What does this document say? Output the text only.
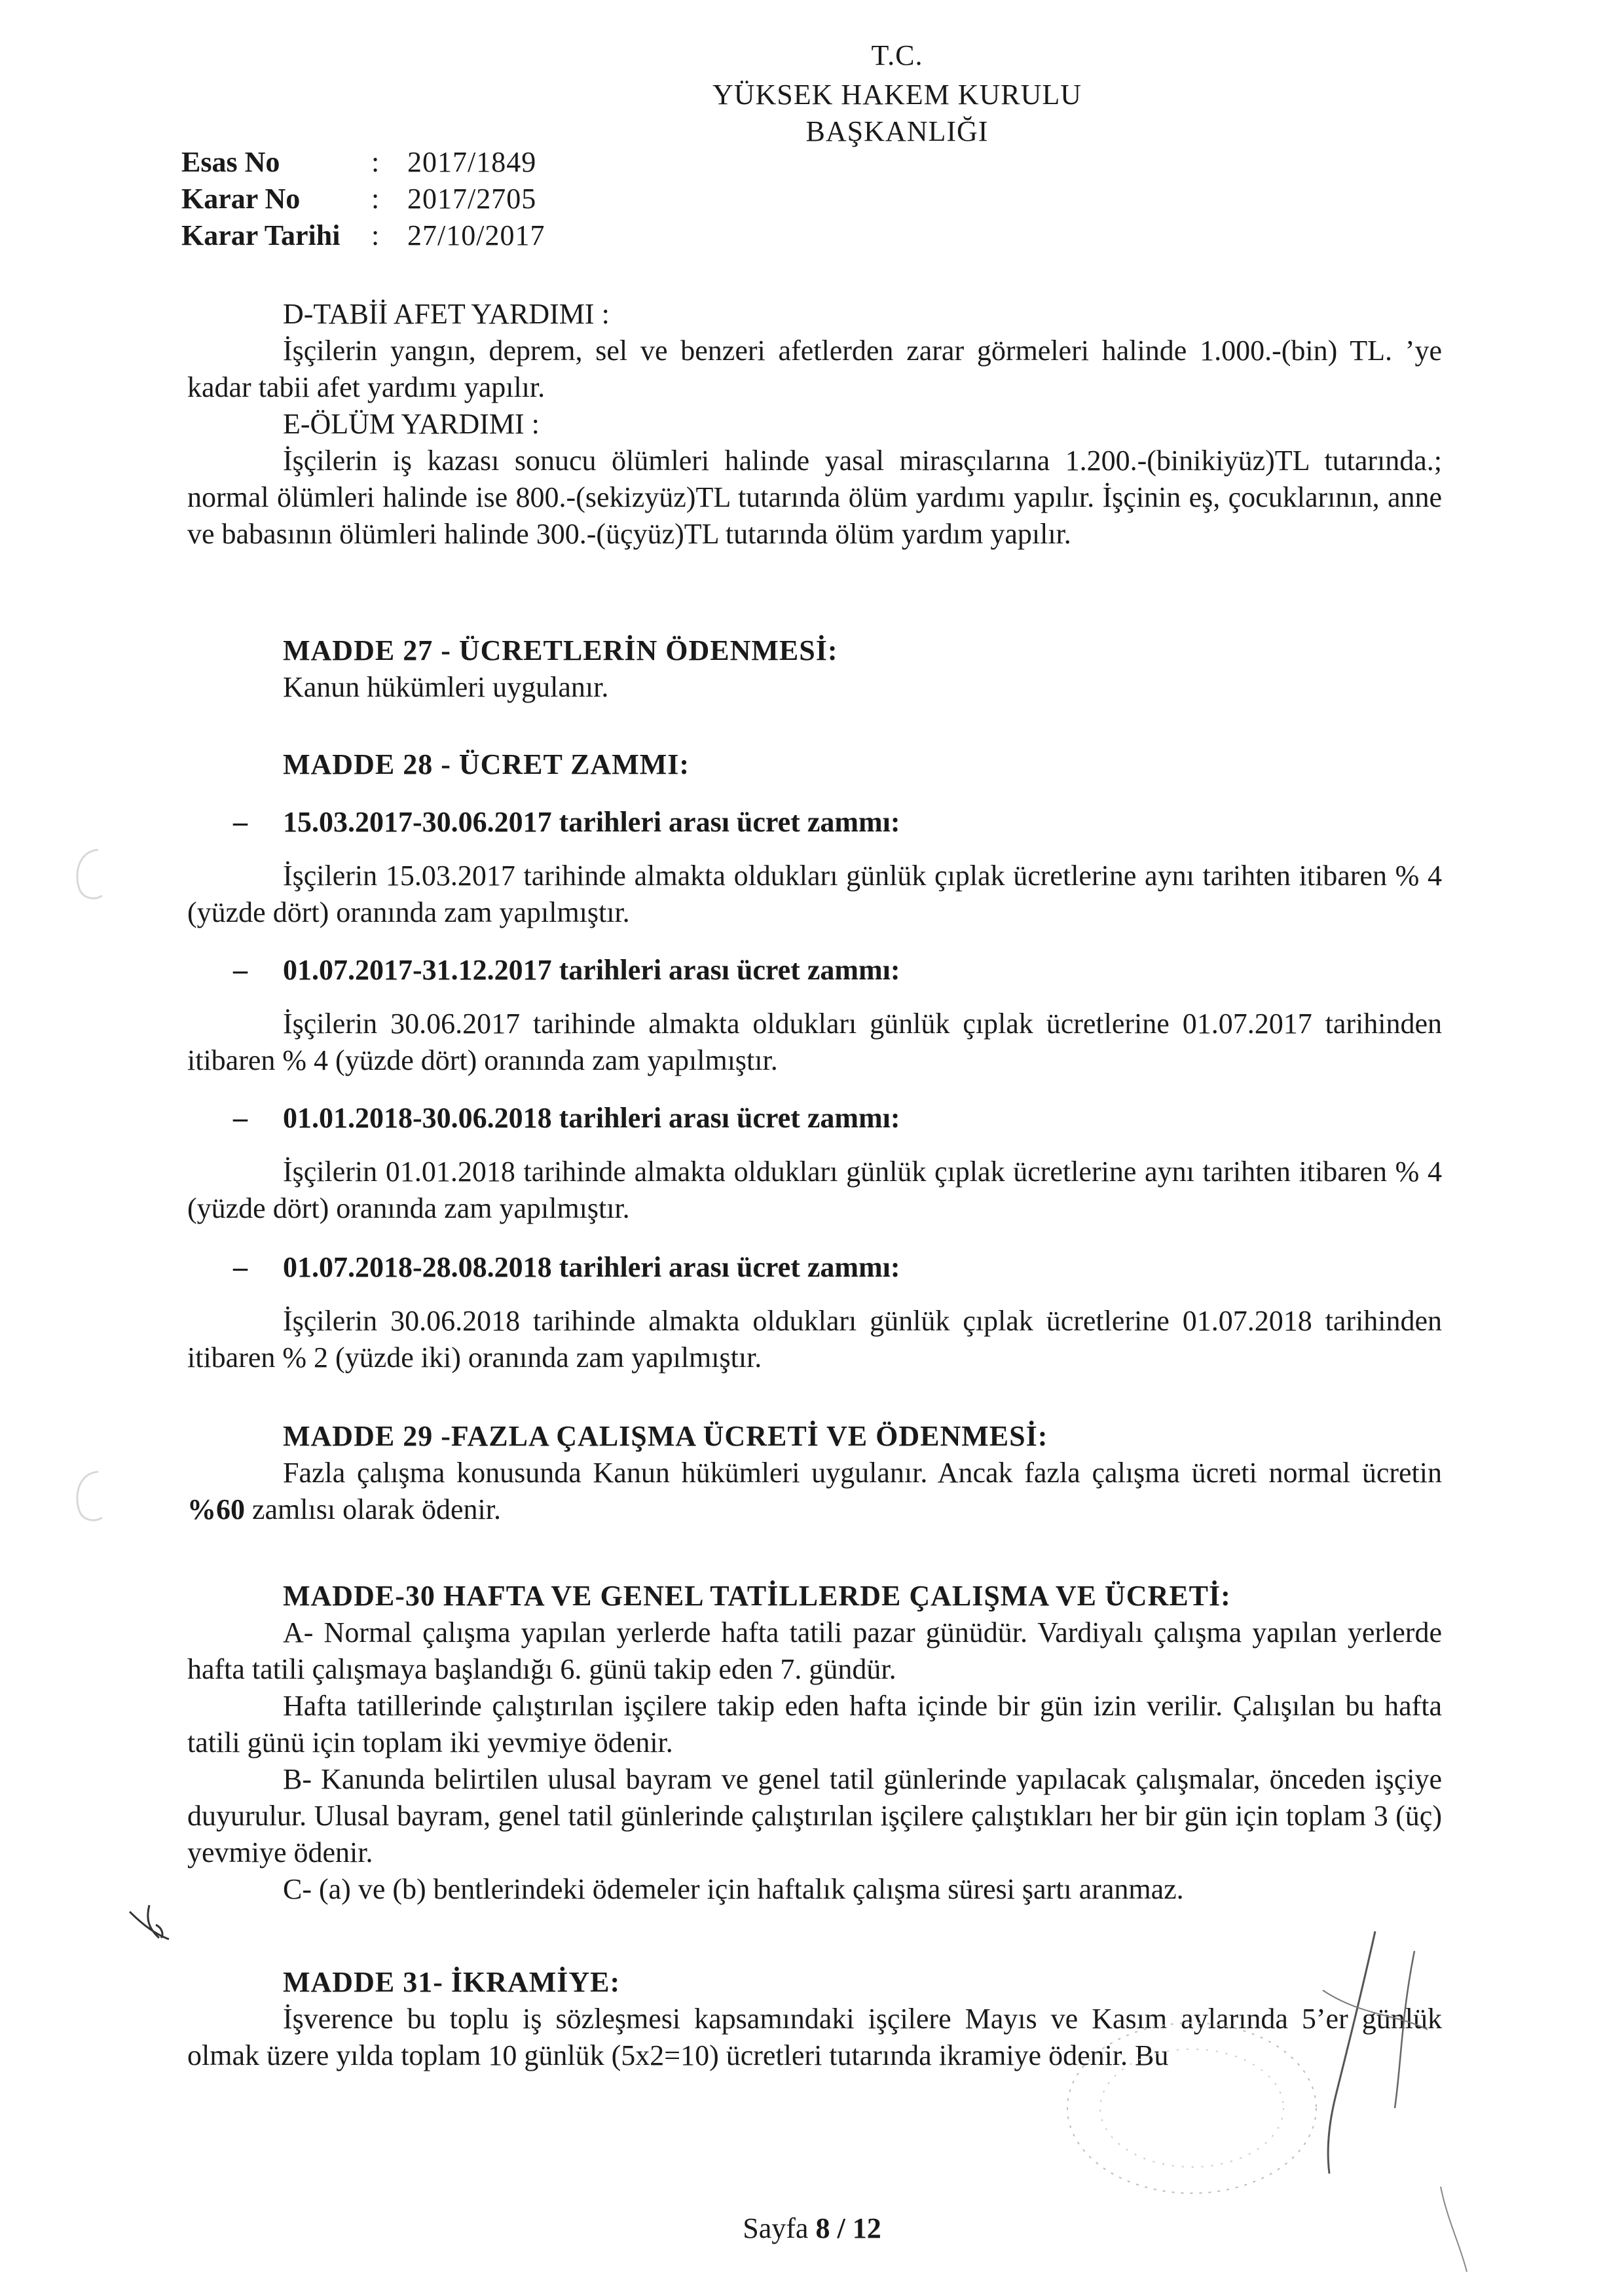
T.C.
YÜKSEK HAKEM KURULU
BAŞKANLIĞI
Esas No	: 2017/1849
Karar No	: 2017/2705
Karar Tarihi	: 27/10/2017

D-TABİİ AFET YARDIMI :

İşçilerin yangın, deprem, sel ve benzeri afetlerden zarar görmeleri halinde 1.000.-(bin) TL. ’ye kadar tabii afet yardımı yapılır.

E-ÖLÜM YARDIMI :

İşçilerin iş kazası sonucu ölümleri halinde yasal mirasçılarına 1.200.-(binikiyüz)TL tutarında.; normal ölümleri halinde ise 800.-(sekizyüz)TL tutarında ölüm yardımı yapılır. İşçinin eş, çocuklarının, anne ve babasının ölümleri halinde 300.-(üçyüz)TL tutarında ölüm yardım yapılır.

MADDE 27 - ÜCRETLERİN ÖDENMESİ:

Kanun hükümleri uygulanır.

MADDE 28 - ÜCRET ZAMMI:

–	15.03.2017-30.06.2017 tarihleri arası ücret zammı:

İşçilerin 15.03.2017 tarihinde almakta oldukları günlük çıplak ücretlerine aynı tarihten itibaren % 4 (yüzde dört) oranında zam yapılmıştır.

–	01.07.2017-31.12.2017 tarihleri arası ücret zammı:

İşçilerin 30.06.2017 tarihinde almakta oldukları günlük çıplak ücretlerine 01.07.2017 tarihinden itibaren % 4 (yüzde dört) oranında zam yapılmıştır.

–	01.01.2018-30.06.2018 tarihleri arası ücret zammı:

İşçilerin 01.01.2018 tarihinde almakta oldukları günlük çıplak ücretlerine aynı tarihten itibaren % 4 (yüzde dört) oranında zam yapılmıştır.

–	01.07.2018-28.08.2018 tarihleri arası ücret zammı:

İşçilerin 30.06.2018 tarihinde almakta oldukları günlük çıplak ücretlerine 01.07.2018 tarihinden itibaren % 2 (yüzde iki) oranında zam yapılmıştır.

MADDE 29 -FAZLA ÇALIŞMA ÜCRETİ VE ÖDENMESİ:

Fazla çalışma konusunda Kanun hükümleri uygulanır. Ancak fazla çalışma ücreti normal ücretin %60 zamlısı olarak ödenir.

MADDE-30 HAFTA VE GENEL TATİLLERDE ÇALIŞMA VE ÜCRETİ:

A- Normal çalışma yapılan yerlerde hafta tatili pazar günüdür. Vardiyalı çalışma yapılan yerlerde hafta tatili çalışmaya başlandığı 6. günü takip eden 7. gündür.

Hafta tatillerinde çalıştırılan işçilere takip eden hafta içinde bir gün izin verilir. Çalışılan bu hafta tatili günü için toplam iki yevmiye ödenir.

B- Kanunda belirtilen ulusal bayram ve genel tatil günlerinde yapılacak çalışmalar, önceden işçiye duyurulur. Ulusal bayram, genel tatil günlerinde çalıştırılan işçilere çalıştıkları her bir gün için toplam 3 (üç) yevmiye ödenir.

C- (a) ve (b) bentlerindeki ödemeler için haftalık çalışma süresi şartı aranmaz.

MADDE 31- İKRAMİYE:

İşverence bu toplu iş sözleşmesi kapsamındaki işçilere Mayıs ve Kasım aylarında 5’er günlük olmak üzere yılda toplam 10 günlük (5x2=10) ücretleri tutarında ikramiye ödenir. Bu

Sayfa 8 / 12
